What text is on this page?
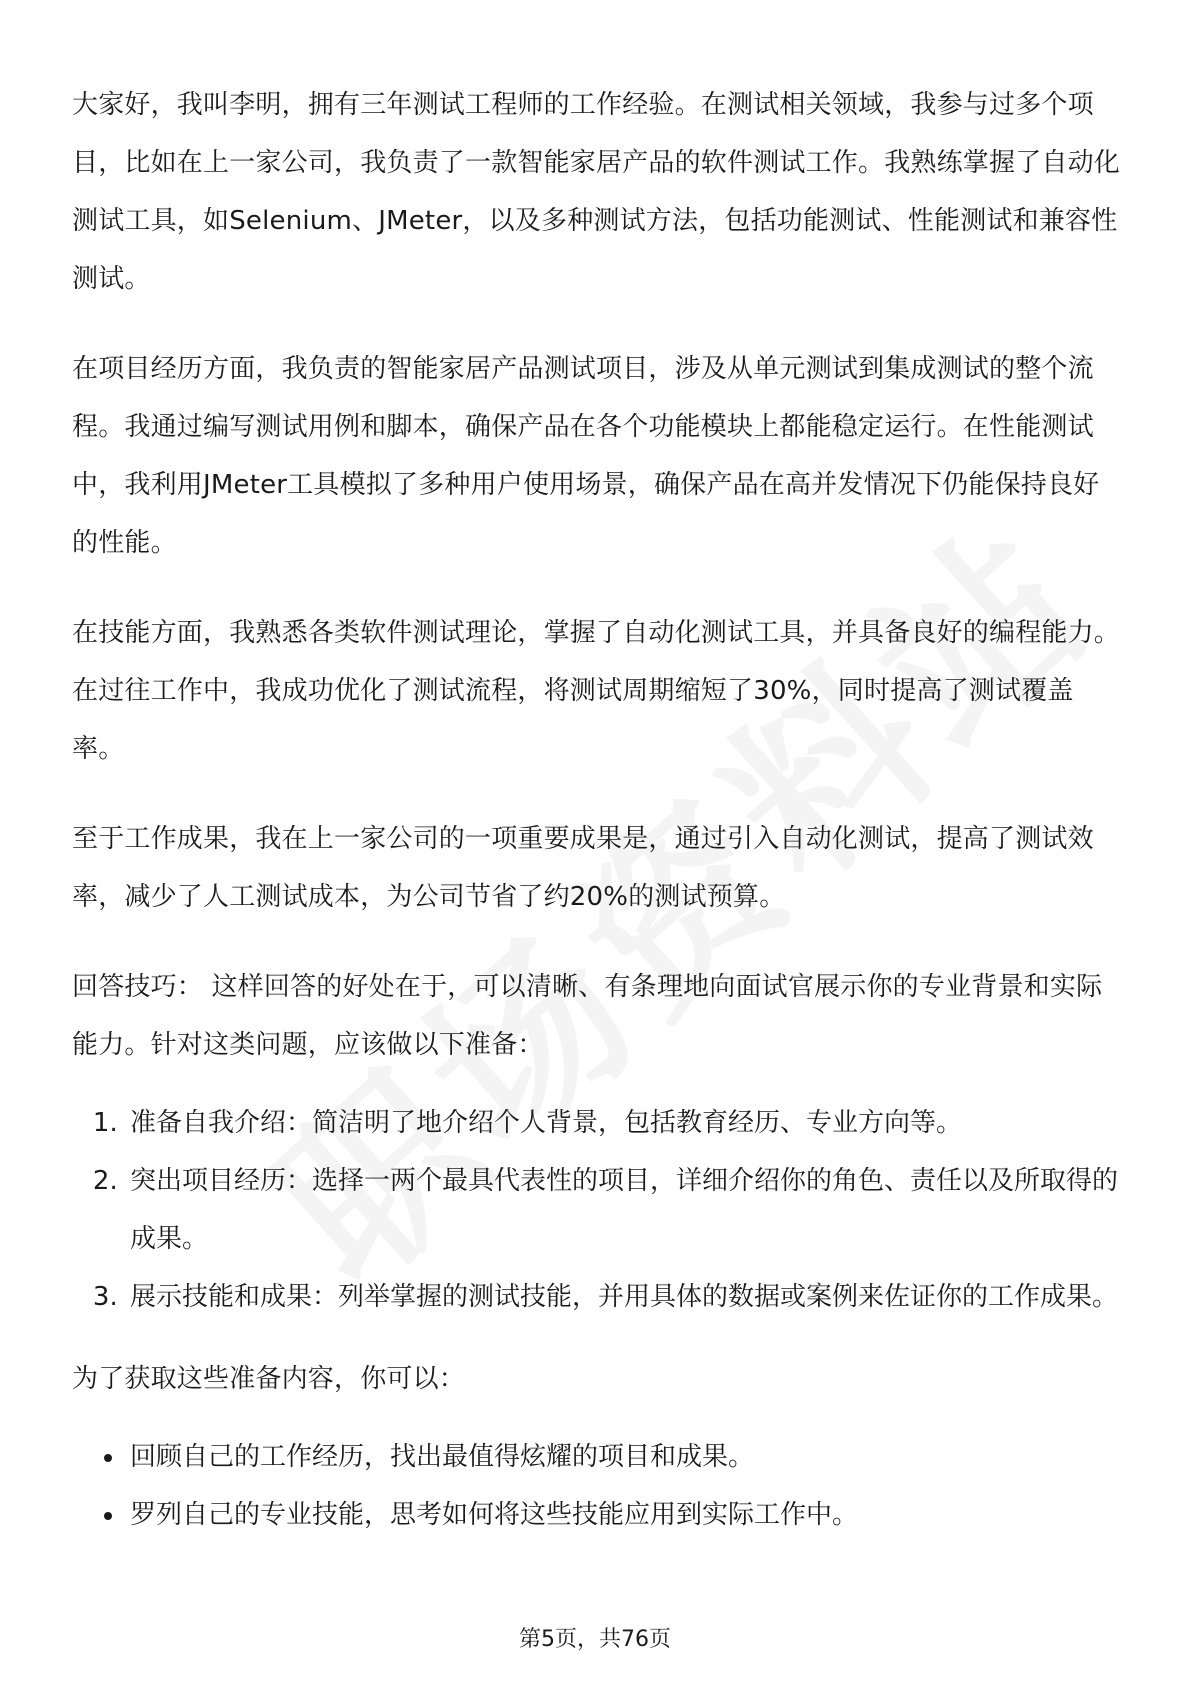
大家好，我叫李明，拥有三年测试工程师的工作经验。在测试相关领域，我参与过多个项目，比如在上一家公司，我负责了一款智能家居产品的软件测试工作。我熟练掌握了自动化测试工具，如Selenium、JMeter，以及多种测试方法，包括功能测试、性能测试和兼容性测试。

在项目经历方面，我负责的智能家居产品测试项目，涉及从单元测试到集成测试的整个流程。我通过编写测试用例和脚本，确保产品在各个功能模块上都能稳定运行。在性能测试中，我利用JMeter工具模拟了多种用户使用场景，确保产品在高并发情况下仍能保持良好的性能。

在技能方面，我熟悉各类软件测试理论，掌握了自动化测试工具，并具备良好的编程能力。在过往工作中，我成功优化了测试流程，将测试周期缩短了30%，同时提高了测试覆盖率。

至于工作成果，我在上一家公司的一项重要成果是，通过引入自动化测试，提高了测试效率，减少了人工测试成本，为公司节省了约20%的测试预算。

回答技巧： 这样回答的好处在于，可以清晰、有条理地向面试官展示你的专业背景和实际能力。针对这类问题，应该做以下准备：

1. 准备自我介绍：简洁明了地介绍个人背景，包括教育经历、专业方向等。
2. 突出项目经历：选择一两个最具代表性的项目，详细介绍你的角色、责任以及所取得的成果。
3. 展示技能和成果：列举掌握的测试技能，并用具体的数据或案例来佐证你的工作成果。

为了获取这些准备内容，你可以：

• 回顾自己的工作经历，找出最值得炫耀的项目和成果。
• 罗列自己的专业技能，思考如何将这些技能应用到实际工作中。
第5页，共76页
